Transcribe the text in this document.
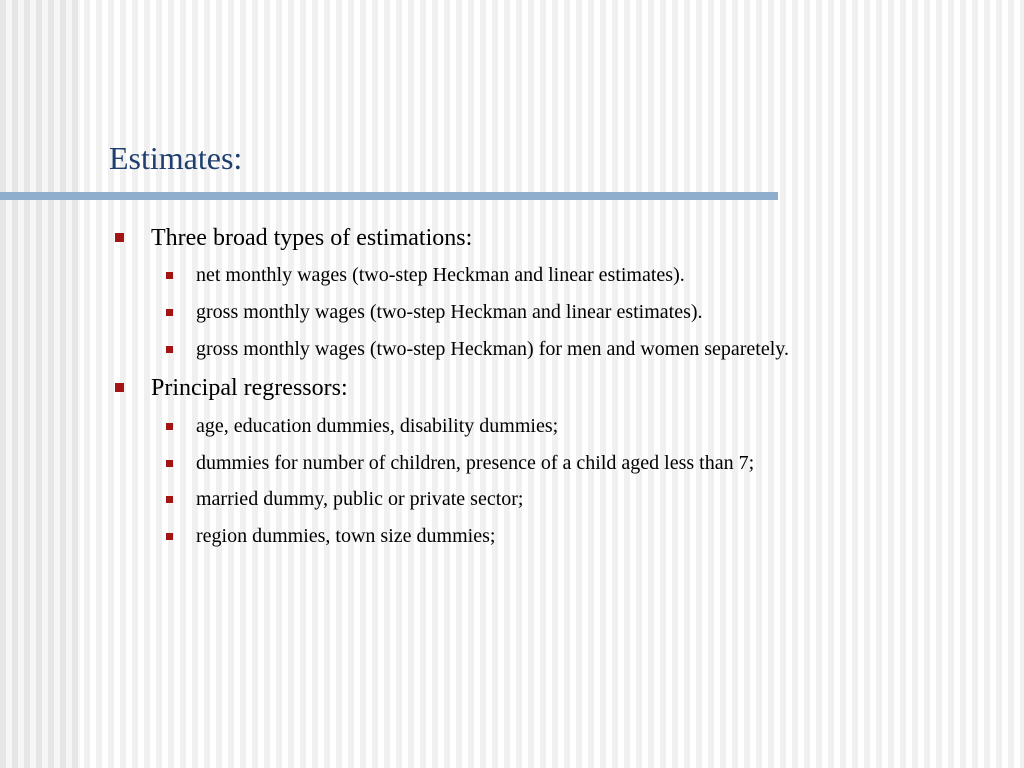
Estimates:
Three broad types of estimations:
net monthly wages (two-step Heckman and linear estimates).
gross monthly wages (two-step Heckman and linear estimates).
gross monthly wages (two-step Heckman) for men and women separetely.
Principal regressors:
age, education dummies, disability dummies;
dummies for number of children, presence of a child aged less than 7;
married dummy, public or private sector;
region dummies, town size dummies;
